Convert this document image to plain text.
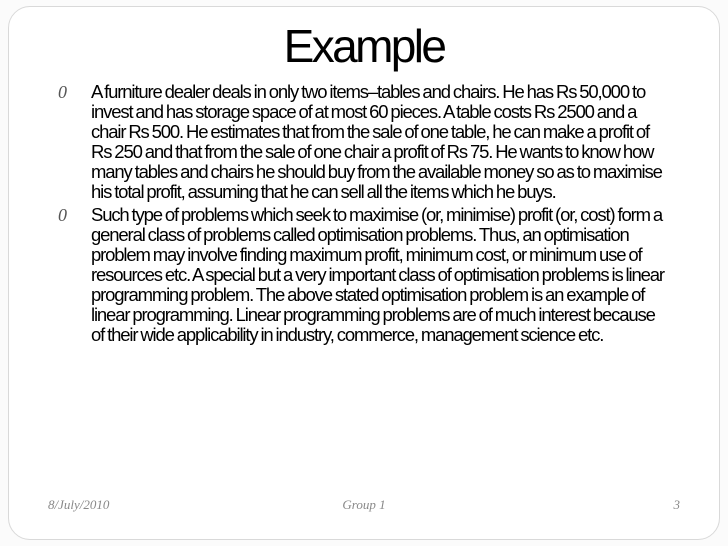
Example
0 A furniture dealer deals in only two items–tables and chairs. He has Rs 50,000 to invest and has storage space of at most 60 pieces. A table costs Rs 2500 and a chair Rs 500. He estimates that from the sale of one table, he can make a profit of Rs 250 and that from the sale of one chair a profit of Rs 75. He wants to know how many tables and chairs he should buy from the available money so as to maximise his total profit, assuming that he can sell all the items which he buys.
0 Such type of problems which seek to maximise (or, minimise) profit (or, cost) form a general class of problems called optimisation problems. Thus, an optimisation problem may involve finding maximum profit, minimum cost, or minimum use of resources etc. A special but a very important class of optimisation problems is linear programming problem. The above stated optimisation problem is an example of linear programming. Linear programming problems are of much interest because of their wide applicability in industry, commerce, management science etc.
8/July/2010	Group 1	3
